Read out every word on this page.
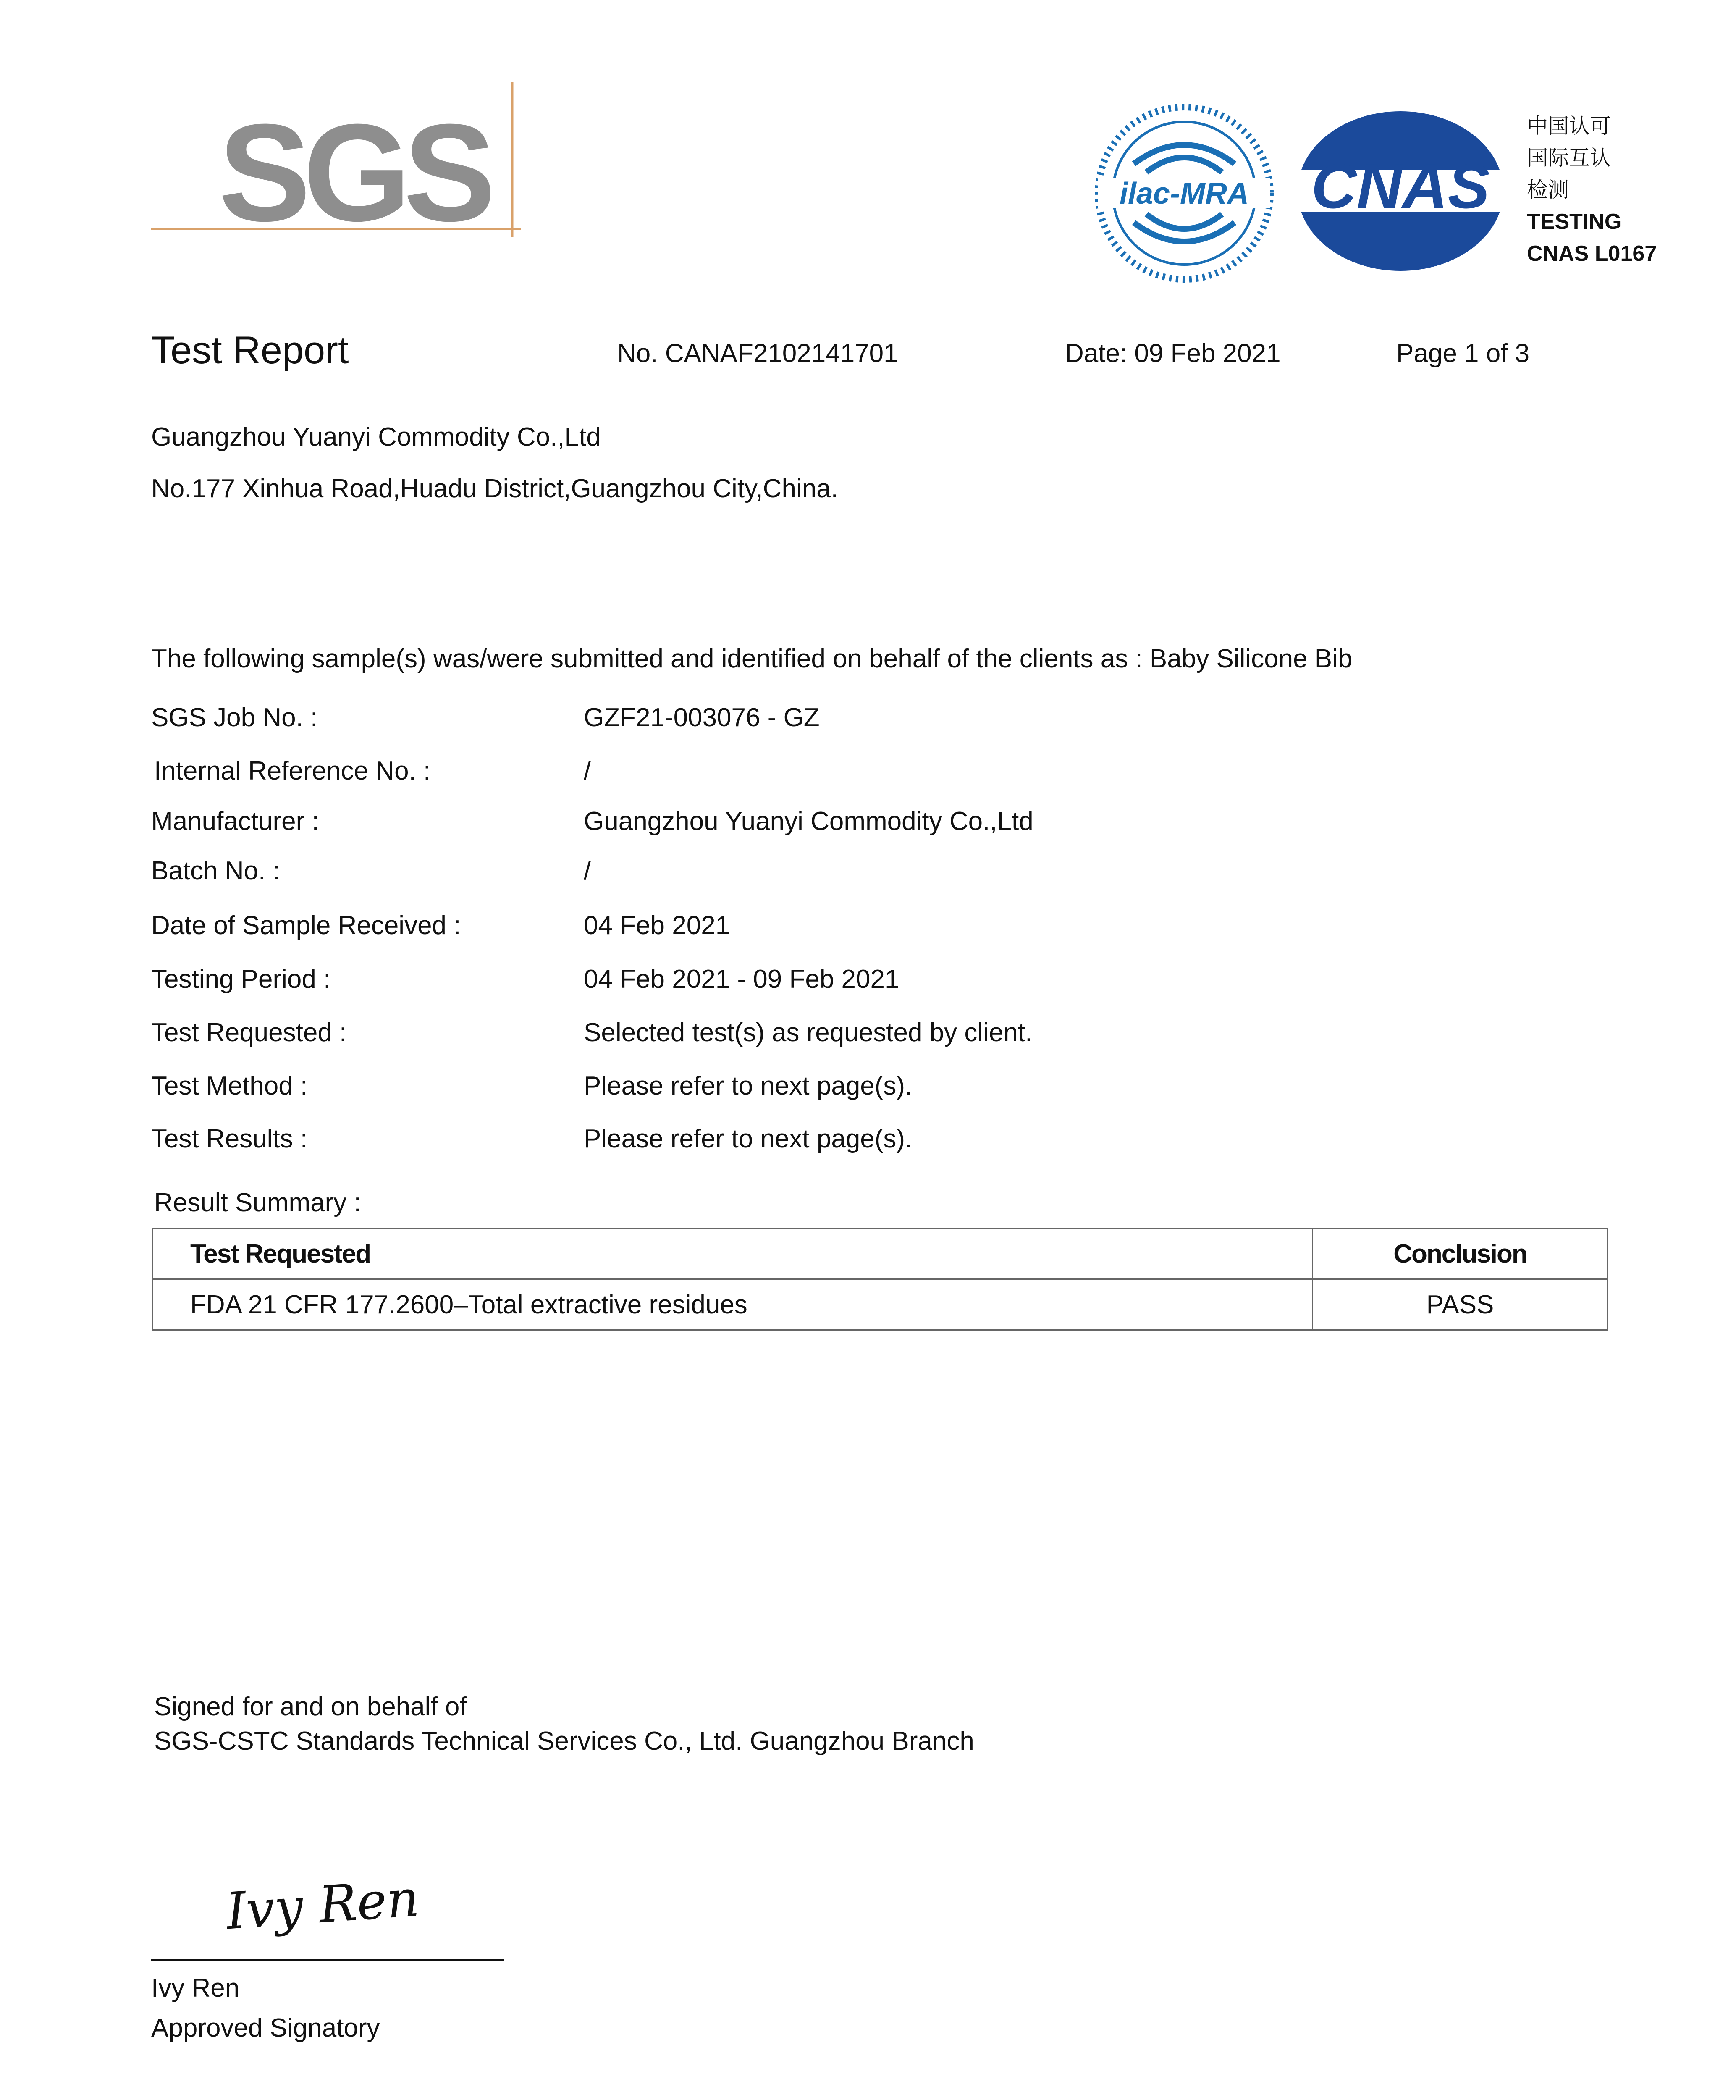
SGS	ilac-MRA CNAS
中国认可
国际互认
检测
TESTING
CNAS L0167
Test Report	No. CANAF2102141701	Date: 09 Feb 2021	Page 1 of 3
Guangzhou Yuanyi Commodity Co.,Ltd
No.177 Xinhua Road,Huadu District,Guangzhou City,China.
The following sample(s) was/were submitted and identified on behalf of the clients as : Baby Silicone Bib
SGS Job No. :	GZF21-003076 - GZ
Internal Reference No. :	/
Manufacturer :	Guangzhou Yuanyi Commodity Co.,Ltd
Batch No. :	/
Date of Sample Received :	04 Feb 2021
Testing Period :	04 Feb 2021 - 09 Feb 2021
Test Requested :	Selected test(s) as requested by client.
Test Method :	Please refer to next page(s).
Test Results :	Please refer to next page(s).
Result Summary :
Test Requested	Conclusion
FDA 21 CFR 177.2600–Total extractive residues	PASS
Signed for and on behalf of
SGS-CSTC Standards Technical Services Co., Ltd. Guangzhou Branch
Ivy Ren
Ivy Ren
Approved Signatory
